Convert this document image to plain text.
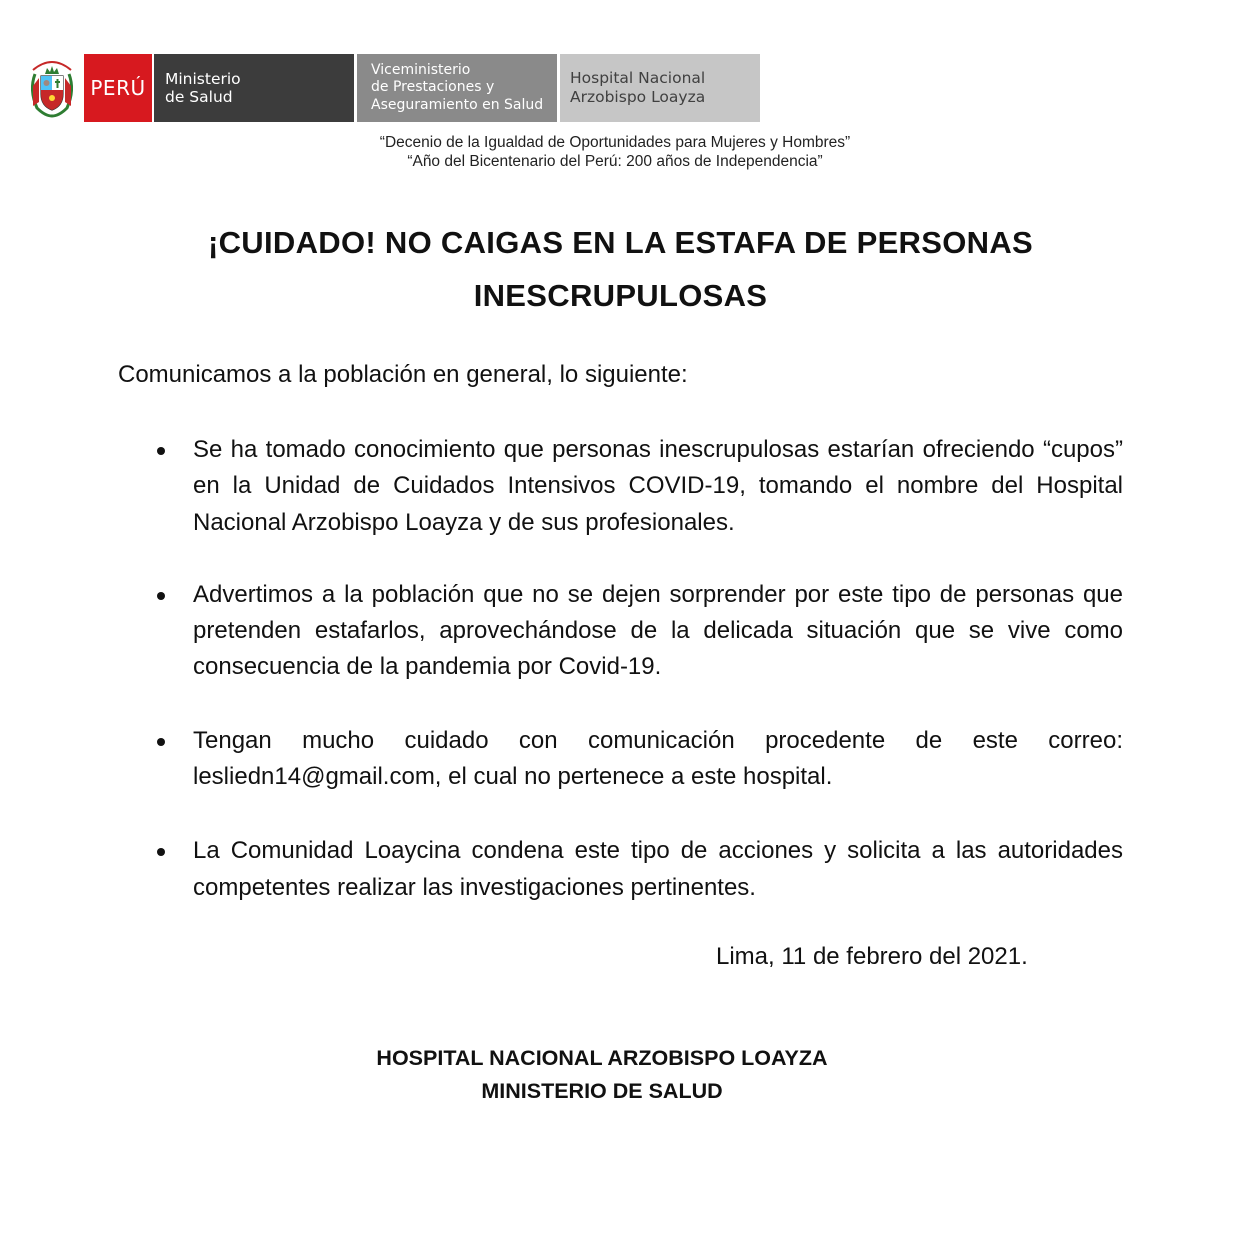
PERÚ Ministerio
de Salud
Viceministerio
de Prestaciones y
Aseguramiento en Salud
Hospital Nacional
Arzobispo Loayza
“Decenio de la Igualdad de Oportunidades para Mujeres y Hombres”
“Año del Bicentenario del Perú: 200 años de Independencia”
¡CUIDADO! NO CAIGAS EN LA ESTAFA DE PERSONAS
INESCRUPULOSAS
Comunicamos a la población en general, lo siguiente:
Se ha tomado conocimiento que personas inescrupulosas estarían ofreciendo “cupos” en la Unidad de Cuidados Intensivos COVID-19, tomando el nombre del Hospital Nacional Arzobispo Loayza y de sus profesionales.
Advertimos a la población que no se dejen sorprender por este tipo de personas que pretenden estafarlos, aprovechándose de la delicada situación que se vive como consecuencia de la pandemia por Covid-19.
Tengan mucho cuidado con comunicación procedente de este correo: lesliedn14@gmail.com, el cual no pertenece a este hospital.
La Comunidad Loaycina condena este tipo de acciones y solicita a las autoridades competentes realizar las investigaciones pertinentes.
Lima, 11 de febrero del 2021.
HOSPITAL NACIONAL ARZOBISPO LOAYZA
MINISTERIO DE SALUD
